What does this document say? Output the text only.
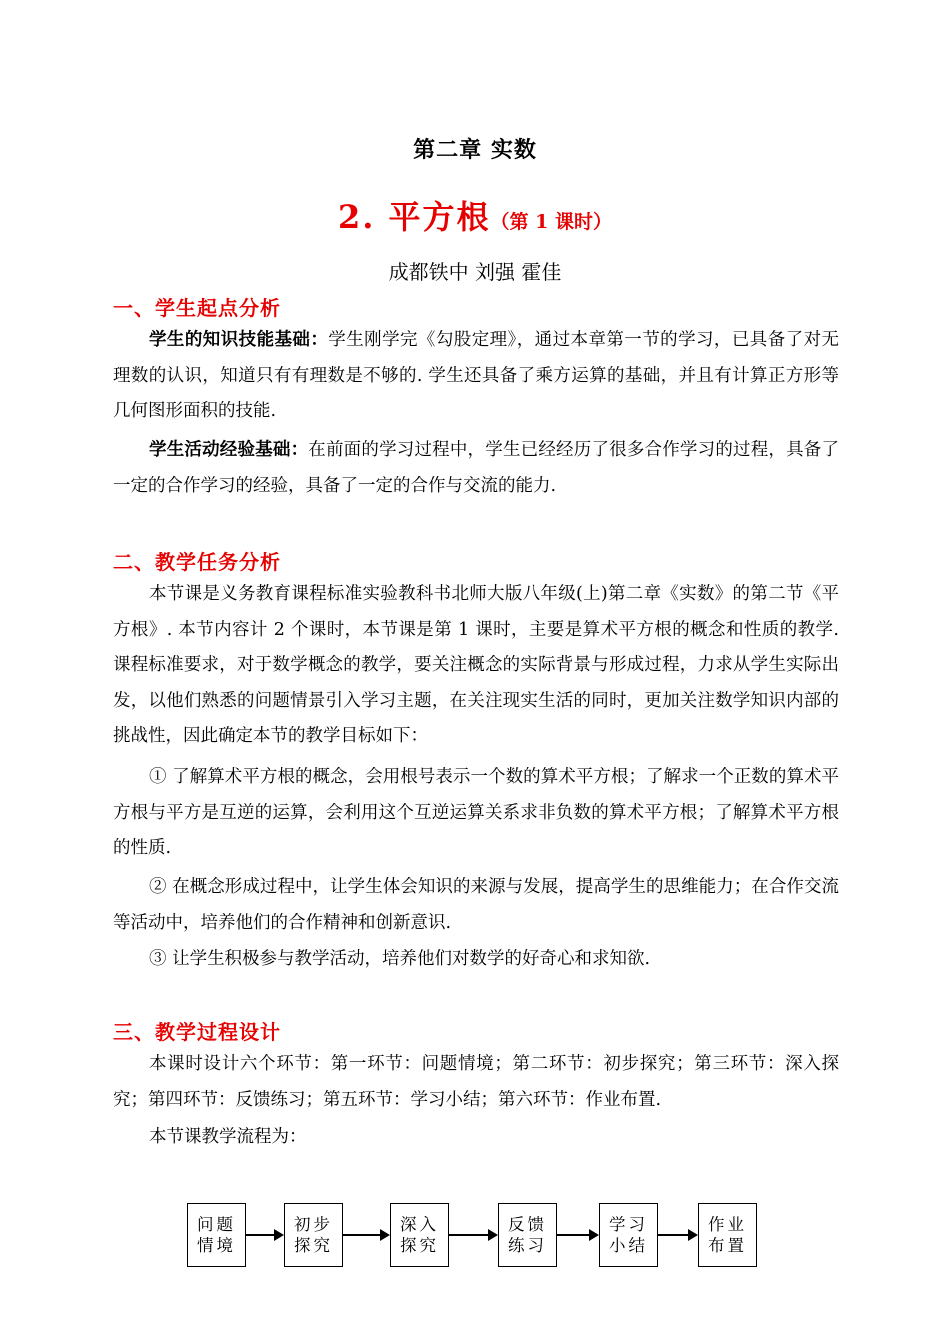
第二章 实数
2. 平方根（第 1 课时）
成都铁中 刘强 霍佳
一、学生起点分析
学生的知识技能基础：学生刚学完《勾股定理》，通过本章第一节的学习，已具备了对无理数的认识，知道只有有理数是不够的. 学生还具备了乘方运算的基础，并且有计算正方形等几何图形面积的技能.
学生活动经验基础：在前面的学习过程中，学生已经经历了很多合作学习的过程，具备了一定的合作学习的经验，具备了一定的合作与交流的能力.
二、教学任务分析
本节课是义务教育课程标准实验教科书北师大版八年级(上)第二章《实数》的第二节《平方根》. 本节内容计 2 个课时，本节课是第 1 课时，主要是算术平方根的概念和性质的教学. 课程标准要求，对于数学概念的教学，要关注概念的实际背景与形成过程，力求从学生实际出发，以他们熟悉的问题情景引入学习主题，在关注现实生活的同时，更加关注数学知识内部的挑战性，因此确定本节的教学目标如下：
① 了解算术平方根的概念，会用根号表示一个数的算术平方根；了解求一个正数的算术平方根与平方是互逆的运算，会利用这个互逆运算关系求非负数的算术平方根；了解算术平方根的性质.
② 在概念形成过程中，让学生体会知识的来源与发展，提高学生的思维能力；在合作交流等活动中，培养他们的合作精神和创新意识.
③ 让学生积极参与教学活动，培养他们对数学的好奇心和求知欲.
三、教学过程设计
本课时设计六个环节：第一环节：问题情境；第二环节：初步探究；第三环节：深入探究；第四环节：反馈练习；第五环节：学习小结；第六环节：作业布置.
本节课教学流程为：
问题
情境
初步
探究
深入
探究
反馈
练习
学习
小结
作业
布置
